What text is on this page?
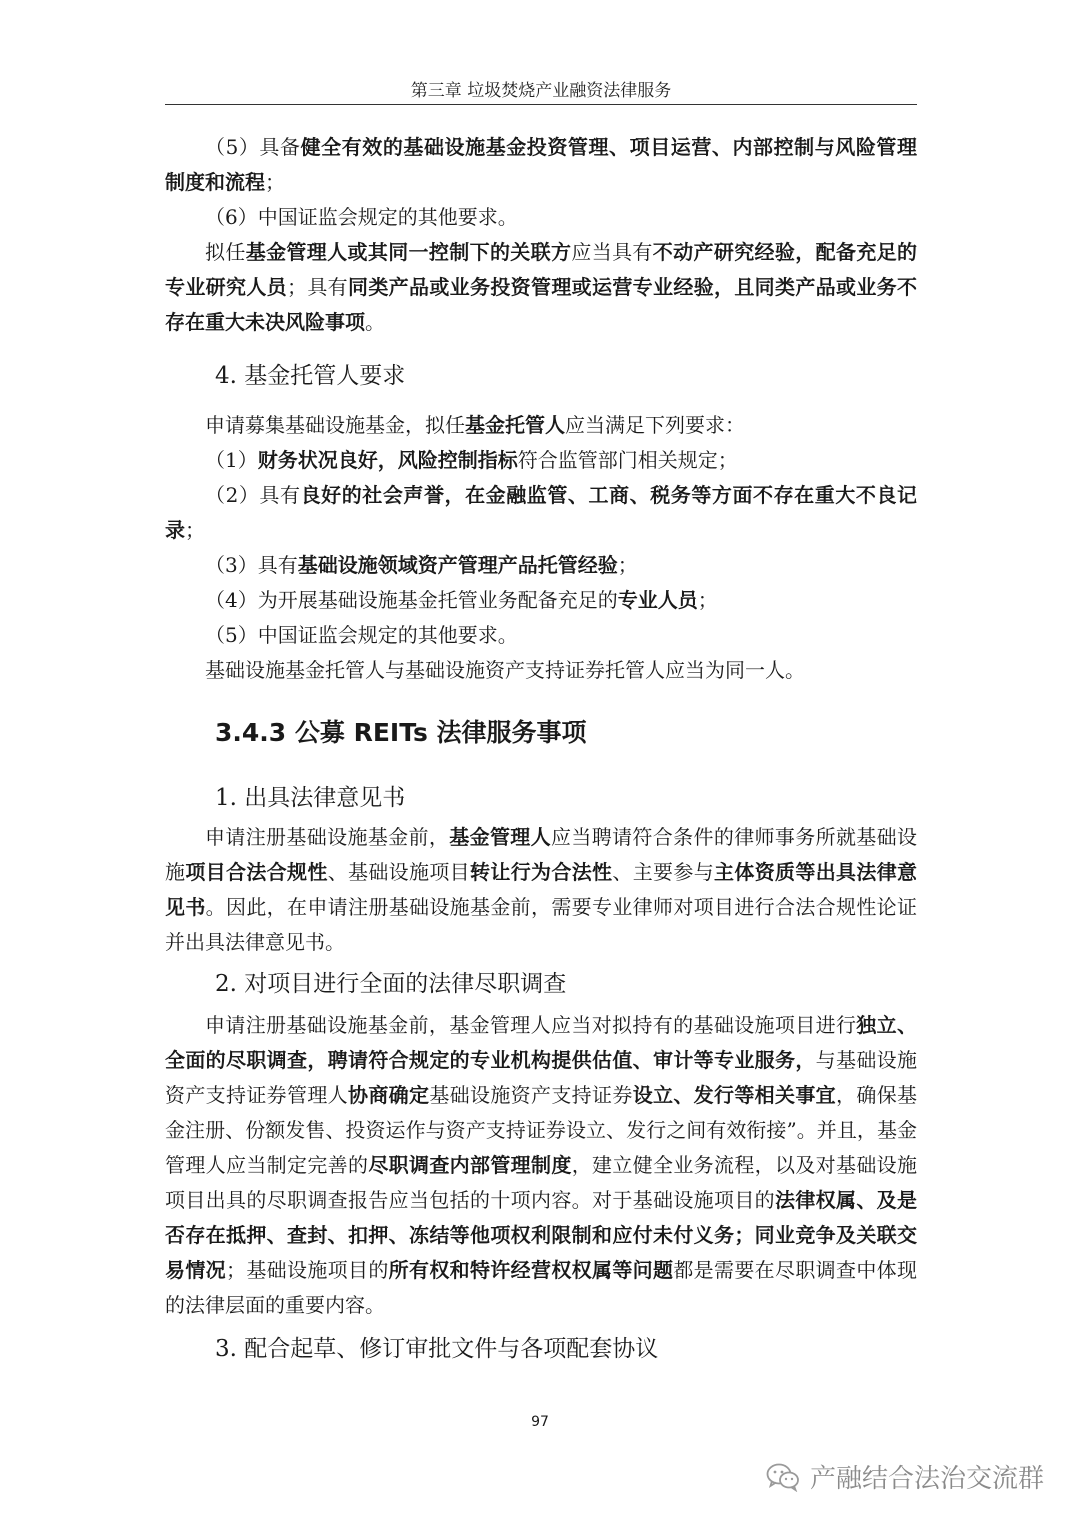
第三章 垃圾焚烧产业融资法律服务

（5）具备健全有效的基础设施基金投资管理、项目运营、内部控制与风险管理制度和流程；

（6）中国证监会规定的其他要求。

拟任基金管理人或其同一控制下的关联方应当具有不动产研究经验，配备充足的专业研究人员；具有同类产品或业务投资管理或运营专业经验，且同类产品或业务不存在重大未决风险事项。

4. 基金托管人要求

申请募集基础设施基金，拟任基金托管人应当满足下列要求：

（1）财务状况良好，风险控制指标符合监管部门相关规定；

（2）具有良好的社会声誉，在金融监管、工商、税务等方面不存在重大不良记录；

（3）具有基础设施领域资产管理产品托管经验；

（4）为开展基础设施基金托管业务配备充足的专业人员；

（5）中国证监会规定的其他要求。

基础设施基金托管人与基础设施资产支持证券托管人应当为同一人。

3.4.3 公募 REITs 法律服务事项
1. 出具法律意见书

申请注册基础设施基金前，基金管理人应当聘请符合条件的律师事务所就基础设施项目合法合规性、基础设施项目转让行为合法性、主要参与主体资质等出具法律意见书。因此，在申请注册基础设施基金前，需要专业律师对项目进行合法合规性论证并出具法律意见书。

2. 对项目进行全面的法律尽职调查

申请注册基础设施基金前，基金管理人应当对拟持有的基础设施项目进行独立、全面的尽职调查，聘请符合规定的专业机构提供估值、审计等专业服务，与基础设施资产支持证券管理人协商确定基础设施资产支持证券设立、发行等相关事宜，确保基金注册、份额发售、投资运作与资产支持证券设立、发行之间有效衔接”。并且，基金管理人应当制定完善的尽职调查内部管理制度，建立健全业务流程，以及对基础设施项目出具的尽职调查报告应当包括的十项内容。对于基础设施项目的法律权属、及是否存在抵押、查封、扣押、冻结等他项权利限制和应付未付义务；同业竞争及关联交易情况；基础设施项目的所有权和特许经营权权属等问题都是需要在尽职调查中体现的法律层面的重要内容。

3. 配合起草、修订审批文件与各项配套协议
97
产融结合法治交流群
